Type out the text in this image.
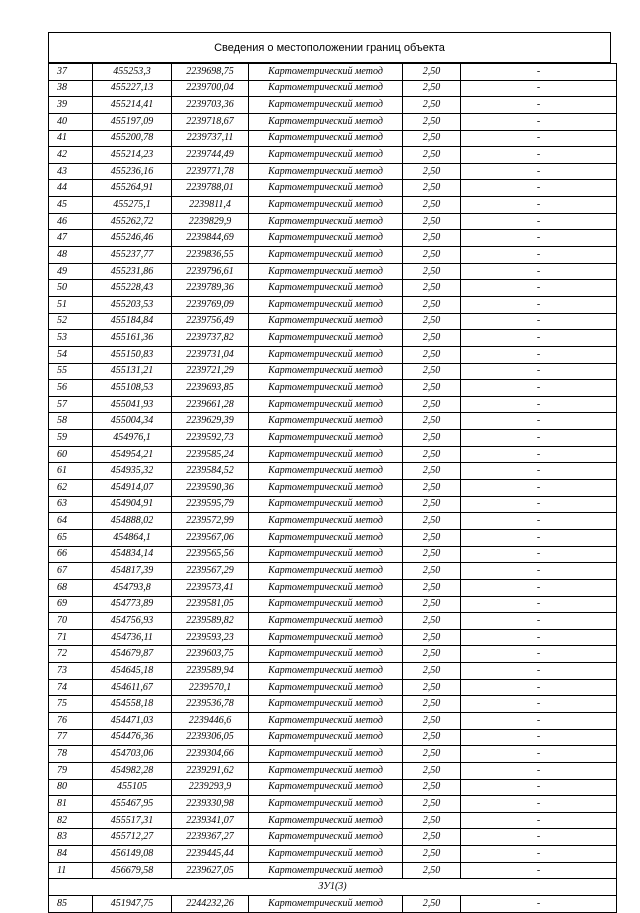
Сведения о местоположении границ объекта
37	455253,3	2239698,75	Картометрический метод	2,50	-
38	455227,13	2239700,04	Картометрический метод	2,50	-
39	455214,41	2239703,36	Картометрический метод	2,50	-
40	455197,09	2239718,67	Картометрический метод	2,50	-
41	455200,78	2239737,11	Картометрический метод	2,50	-
42	455214,23	2239744,49	Картометрический метод	2,50	-
43	455236,16	2239771,78	Картометрический метод	2,50	-
44	455264,91	2239788,01	Картометрический метод	2,50	-
45	455275,1	2239811,4	Картометрический метод	2,50	-
46	455262,72	2239829,9	Картометрический метод	2,50	-
47	455246,46	2239844,69	Картометрический метод	2,50	-
48	455237,77	2239836,55	Картометрический метод	2,50	-
49	455231,86	2239796,61	Картометрический метод	2,50	-
50	455228,43	2239789,36	Картометрический метод	2,50	-
51	455203,53	2239769,09	Картометрический метод	2,50	-
52	455184,84	2239756,49	Картометрический метод	2,50	-
53	455161,36	2239737,82	Картометрический метод	2,50	-
54	455150,83	2239731,04	Картометрический метод	2,50	-
55	455131,21	2239721,29	Картометрический метод	2,50	-
56	455108,53	2239693,85	Картометрический метод	2,50	-
57	455041,93	2239661,28	Картометрический метод	2,50	-
58	455004,34	2239629,39	Картометрический метод	2,50	-
59	454976,1	2239592,73	Картометрический метод	2,50	-
60	454954,21	2239585,24	Картометрический метод	2,50	-
61	454935,32	2239584,52	Картометрический метод	2,50	-
62	454914,07	2239590,36	Картометрический метод	2,50	-
63	454904,91	2239595,79	Картометрический метод	2,50	-
64	454888,02	2239572,99	Картометрический метод	2,50	-
65	454864,1	2239567,06	Картометрический метод	2,50	-
66	454834,14	2239565,56	Картометрический метод	2,50	-
67	454817,39	2239567,29	Картометрический метод	2,50	-
68	454793,8	2239573,41	Картометрический метод	2,50	-
69	454773,89	2239581,05	Картометрический метод	2,50	-
70	454756,93	2239589,82	Картометрический метод	2,50	-
71	454736,11	2239593,23	Картометрический метод	2,50	-
72	454679,87	2239603,75	Картометрический метод	2,50	-
73	454645,18	2239589,94	Картометрический метод	2,50	-
74	454611,67	2239570,1	Картометрический метод	2,50	-
75	454558,18	2239536,78	Картометрический метод	2,50	-
76	454471,03	2239446,6	Картометрический метод	2,50	-
77	454476,36	2239306,05	Картометрический метод	2,50	-
78	454703,06	2239304,66	Картометрический метод	2,50	-
79	454982,28	2239291,62	Картометрический метод	2,50	-
80	455105	2239293,9	Картометрический метод	2,50	-
81	455467,95	2239330,98	Картометрический метод	2,50	-
82	455517,31	2239341,07	Картометрический метод	2,50	-
83	455712,27	2239367,27	Картометрический метод	2,50	-
84	456149,08	2239445,44	Картометрический метод	2,50	-
11	456679,58	2239627,05	Картометрический метод	2,50	-
ЗУ1(3)					
85	451947,75	2244232,26	Картометрический метод	2,50	-
